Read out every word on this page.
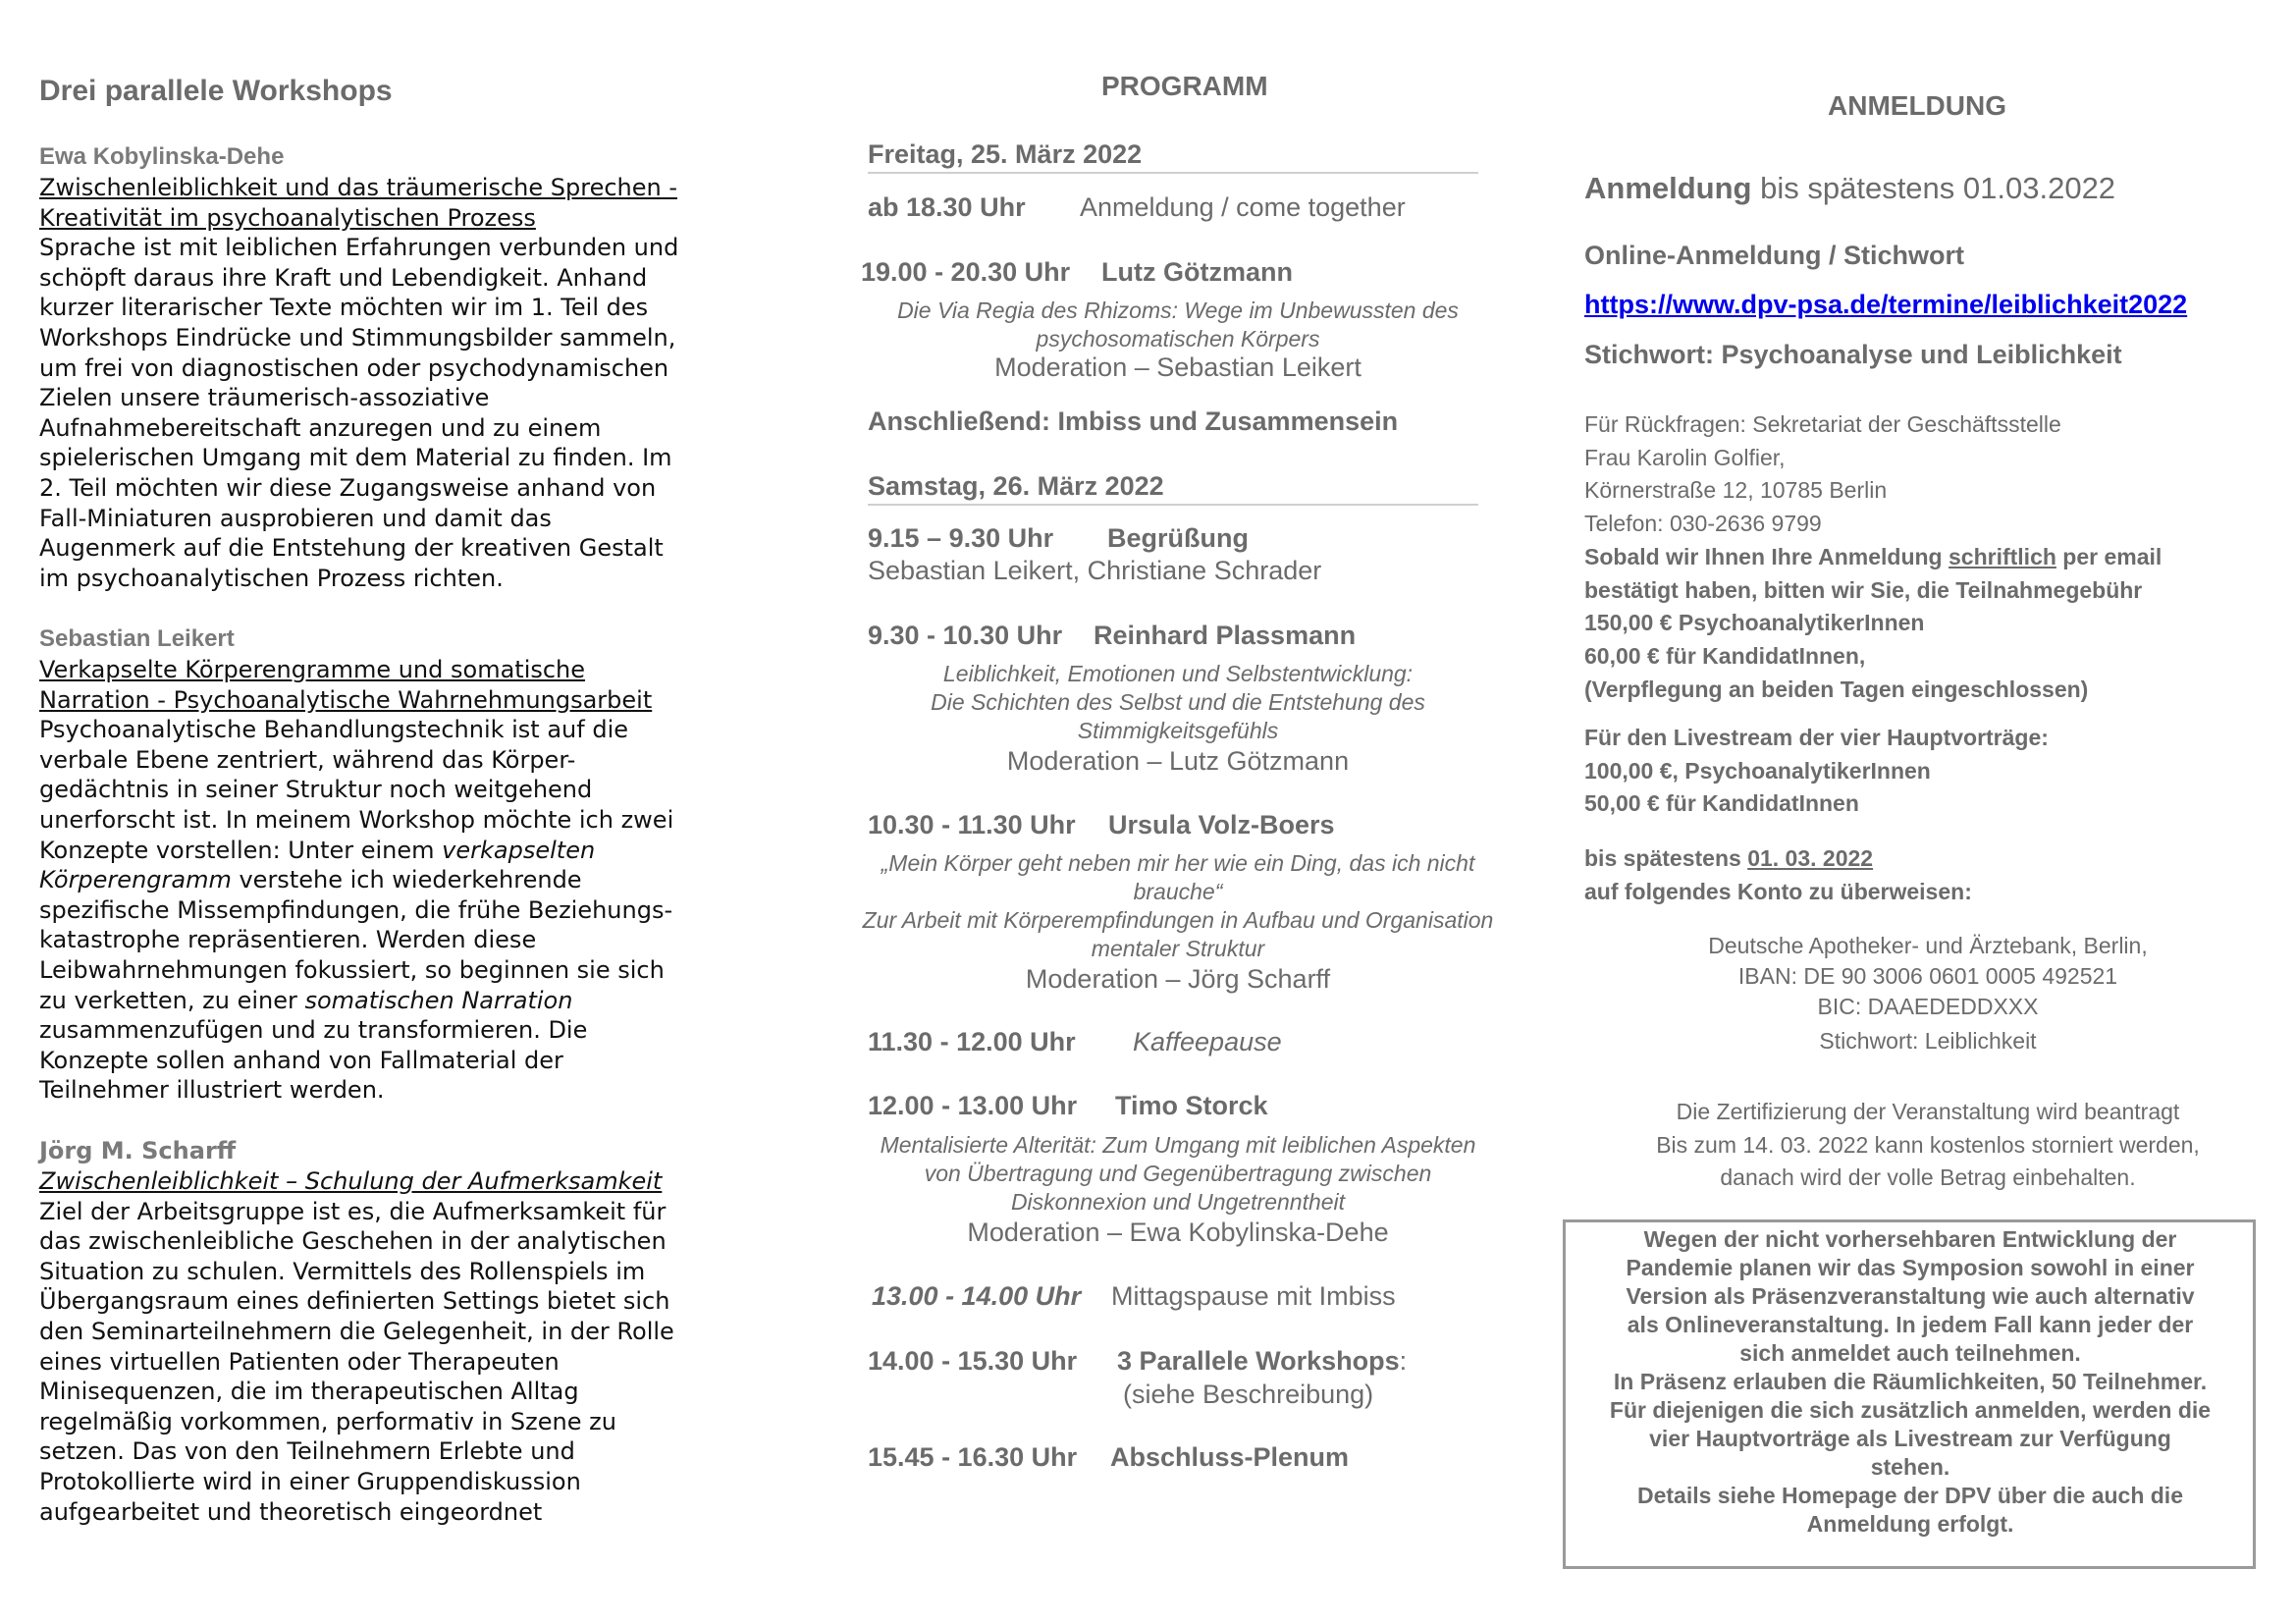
Drei parallele Workshops
Ewa Kobylinska-Dehe
Zwischenleiblichkeit und das träumerische Sprechen -
Kreativität im psychoanalytischen Prozess
Sprache ist mit leiblichen Erfahrungen verbunden und
schöpft daraus ihre Kraft und Lebendigkeit. Anhand
kurzer literarischer Texte möchten wir im 1. Teil des
Workshops Eindrücke und Stimmungsbilder sammeln,
um frei von diagnostischen oder psychodynamischen
Zielen unsere träumerisch-assoziative
Aufnahmebereitschaft anzuregen und zu einem
spielerischen Umgang mit dem Material zu finden. Im
2. Teil möchten wir diese Zugangsweise anhand von
Fall-Miniaturen ausprobieren und damit das
Augenmerk auf die Entstehung der kreativen Gestalt
im psychoanalytischen Prozess richten.
Sebastian Leikert
Verkapselte Körperengramme und somatische
Narration - Psychoanalytische Wahrnehmungsarbeit
Psychoanalytische Behandlungstechnik ist auf die
verbale Ebene zentriert, während das Körper-
gedächtnis in seiner Struktur noch weitgehend
unerforscht ist. In meinem Workshop möchte ich zwei
Konzepte vorstellen: Unter einem verkapselten
Körperengramm verstehe ich wiederkehrende
spezifische Missempfindungen, die frühe Beziehungs-
katastrophe repräsentieren. Werden diese
Leibwahrnehmungen fokussiert, so beginnen sie sich
zu verketten, zu einer somatischen Narration
zusammenzufügen und zu transformieren. Die
Konzepte sollen anhand von Fallmaterial der
Teilnehmer illustriert werden.
Jörg M. Scharff
Zwischenleiblichkeit – Schulung der Aufmerksamkeit
Ziel der Arbeitsgruppe ist es, die Aufmerksamkeit für
das zwischenleibliche Geschehen in der analytischen
Situation zu schulen. Vermittels des Rollenspiels im
Übergangsraum eines definierten Settings bietet sich
den Seminarteilnehmern die Gelegenheit, in der Rolle
eines virtuellen Patienten oder Therapeuten
Minisequenzen, die im therapeutischen Alltag
regelmäßig vorkommen, performativ in Szene zu
setzen. Das von den Teilnehmern Erlebte und
Protokollierte wird in einer Gruppendiskussion
aufgearbeitet und theoretisch eingeordnet
PROGRAMM
Freitag, 25. März 2022
ab 18.30 Uhr Anmeldung / come together
19.00 - 20.30 Uhr Lutz Götzmann
Die Via Regia des Rhizoms: Wege im Unbewussten des
psychosomatischen Körpers
Moderation – Sebastian Leikert
Anschließend: Imbiss und Zusammensein
Samstag, 26. März 2022
9.15 – 9.30 Uhr Begrüßung
Sebastian Leikert, Christiane Schrader
9.30 - 10.30 Uhr Reinhard Plassmann
Leiblichkeit, Emotionen und Selbstentwicklung:
Die Schichten des Selbst und die Entstehung des
Stimmigkeitsgefühls
Moderation – Lutz Götzmann
10.30 - 11.30 Uhr Ursula Volz-Boers
„Mein Körper geht neben mir her wie ein Ding, das ich nicht
brauche“
Zur Arbeit mit Körperempfindungen in Aufbau und Organisation
mentaler Struktur
Moderation – Jörg Scharff
11.30 - 12.00 Uhr Kaffeepause
12.00 - 13.00 Uhr Timo Storck
Mentalisierte Alterität: Zum Umgang mit leiblichen Aspekten
von Übertragung und Gegenübertragung zwischen
Diskonnexion und Ungetrenntheit
Moderation – Ewa Kobylinska-Dehe
13.00 - 14.00 Uhr Mittagspause mit Imbiss
14.00 - 15.30 Uhr 3 Parallele Workshops:
(siehe Beschreibung)
15.45 - 16.30 Uhr Abschluss-Plenum
ANMELDUNG
Anmeldung bis spätestens 01.03.2022
Online-Anmeldung / Stichwort
https://www.dpv-psa.de/termine/leiblichkeit2022
Stichwort: Psychoanalyse und Leiblichkeit
Für Rückfragen: Sekretariat der Geschäftsstelle
Frau Karolin Golfier,
Körnerstraße 12, 10785 Berlin
Telefon: 030-2636 9799
Sobald wir Ihnen Ihre Anmeldung schriftlich per email
bestätigt haben, bitten wir Sie, die Teilnahmegebühr
150,00 € PsychoanalytikerInnen
60,00 € für KandidatInnen,
(Verpflegung an beiden Tagen eingeschlossen)
Für den Livestream der vier Hauptvorträge:
100,00 €, PsychoanalytikerInnen
50,00 € für KandidatInnen
bis spätestens 01. 03. 2022
auf folgendes Konto zu überweisen:
Deutsche Apotheker- und Ärztebank, Berlin,
IBAN: DE 90 3006 0601 0005 492521
BIC: DAAEDEDDXXX
Stichwort: Leiblichkeit
Die Zertifizierung der Veranstaltung wird beantragt
Bis zum 14. 03. 2022 kann kostenlos storniert werden,
danach wird der volle Betrag einbehalten.
Wegen der nicht vorhersehbaren Entwicklung der
Pandemie planen wir das Symposion sowohl in einer
Version als Präsenzveranstaltung wie auch alternativ
als Onlineveranstaltung. In jedem Fall kann jeder der
sich anmeldet auch teilnehmen.
In Präsenz erlauben die Räumlichkeiten, 50 Teilnehmer.
Für diejenigen die sich zusätzlich anmelden, werden die
vier Hauptvorträge als Livestream zur Verfügung
stehen.
Details siehe Homepage der DPV über die auch die
Anmeldung erfolgt.
